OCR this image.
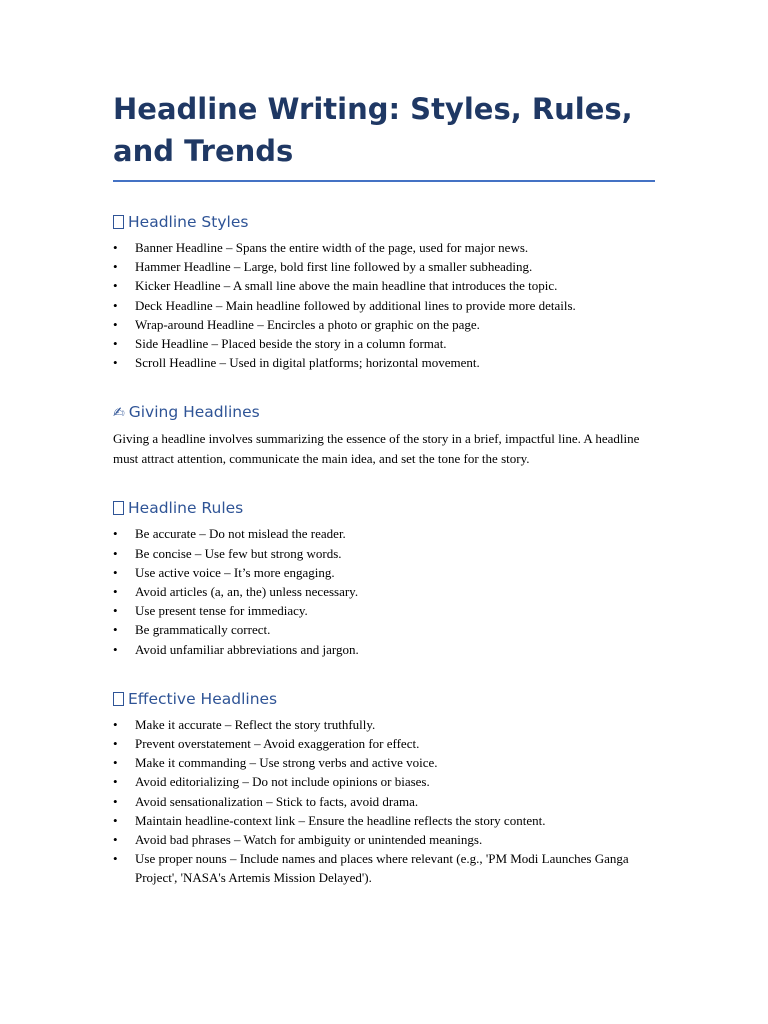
Headline Writing: Styles, Rules, and Trends
Headline Styles
• Banner Headline – Spans the entire width of the page, used for major news.
• Hammer Headline – Large, bold first line followed by a smaller subheading.
• Kicker Headline – A small line above the main headline that introduces the topic.
• Deck Headline – Main headline followed by additional lines to provide more details.
• Wrap-around Headline – Encircles a photo or graphic on the page.
• Side Headline – Placed beside the story in a column format.
• Scroll Headline – Used in digital platforms; horizontal movement.
✍ Giving Headlines

Giving a headline involves summarizing the essence of the story in a brief, impactful line. A headline must attract attention, communicate the main idea, and set the tone for the story.

Headline Rules
• Be accurate – Do not mislead the reader.
• Be concise – Use few but strong words.
• Use active voice – It’s more engaging.
• Avoid articles (a, an, the) unless necessary.
• Use present tense for immediacy.
• Be grammatically correct.
• Avoid unfamiliar abbreviations and jargon.
Effective Headlines
• Make it accurate – Reflect the story truthfully.
• Prevent overstatement – Avoid exaggeration for effect.
• Make it commanding – Use strong verbs and active voice.
• Avoid editorializing – Do not include opinions or biases.
• Avoid sensationalization – Stick to facts, avoid drama.
• Maintain headline-context link – Ensure the headline reflects the story content.
• Avoid bad phrases – Watch for ambiguity or unintended meanings.
• Use proper nouns – Include names and places where relevant (e.g., 'PM Modi Launches Ganga Project', 'NASA's Artemis Mission Delayed').
